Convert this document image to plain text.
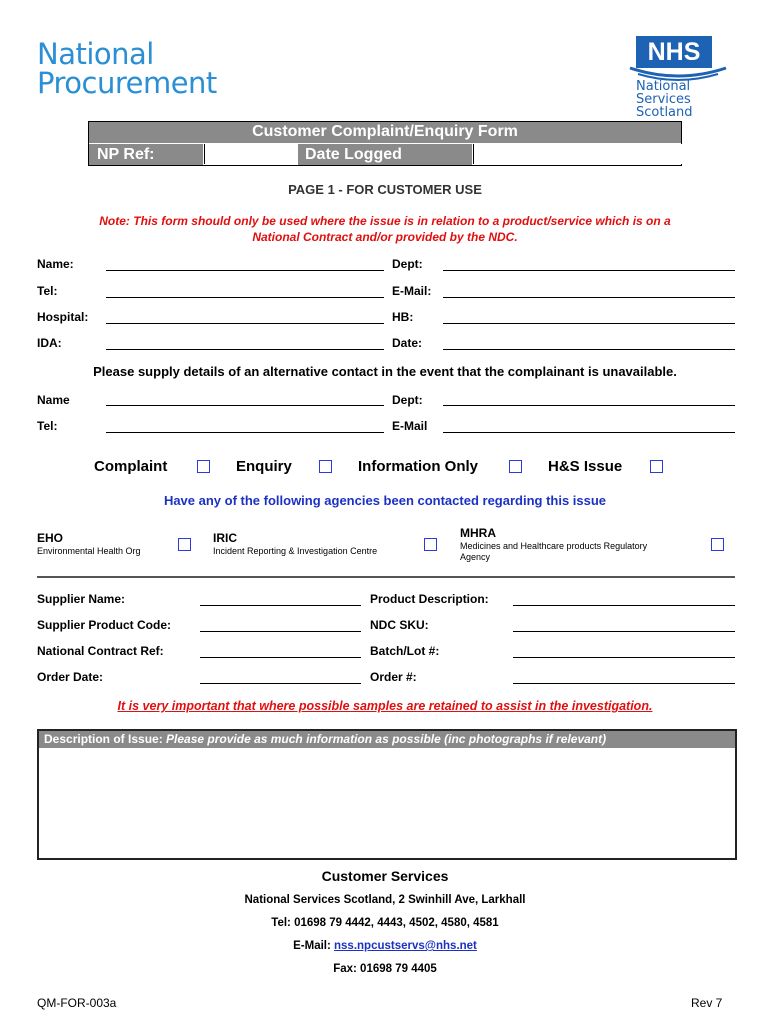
National
Procurement
NHS
National
Services
Scotland
Customer Complaint/Enquiry Form
NP Ref:	Date Logged
PAGE 1 - FOR CUSTOMER USE
Note: This form should only be used where the issue is in relation to a product/service which is on a
National Contract and/or provided by the NDC.
Name:	Dept:
Tel:	E-Mail:
Hospital:	HB:
IDA:	Date:
Please supply details of an alternative contact in the event that the complainant is unavailable.
Name	Dept:
Tel:	E-Mail
Complaint	Enquiry	Information Only	H&S Issue
Have any of the following agencies been contacted regarding this issue
EHO
Environmental Health Org
IRIC
Incident Reporting & Investigation Centre
MHRA
Medicines and Healthcare products Regulatory
Agency
Supplier Name:	Product Description:
Supplier Product Code:	NDC SKU:
National Contract Ref:	Batch/Lot #:
Order Date:	Order #:
It is very important that where possible samples are retained to assist in the investigation.
Description of Issue: Please provide as much information as possible (inc photographs if relevant)
Customer Services
National Services Scotland, 2 Swinhill Ave, Larkhall
Tel: 01698 79 4442, 4443, 4502, 4580, 4581
E-Mail: nss.npcustservs@nhs.net
Fax: 01698 79 4405
QM-FOR-003a	Rev 7
